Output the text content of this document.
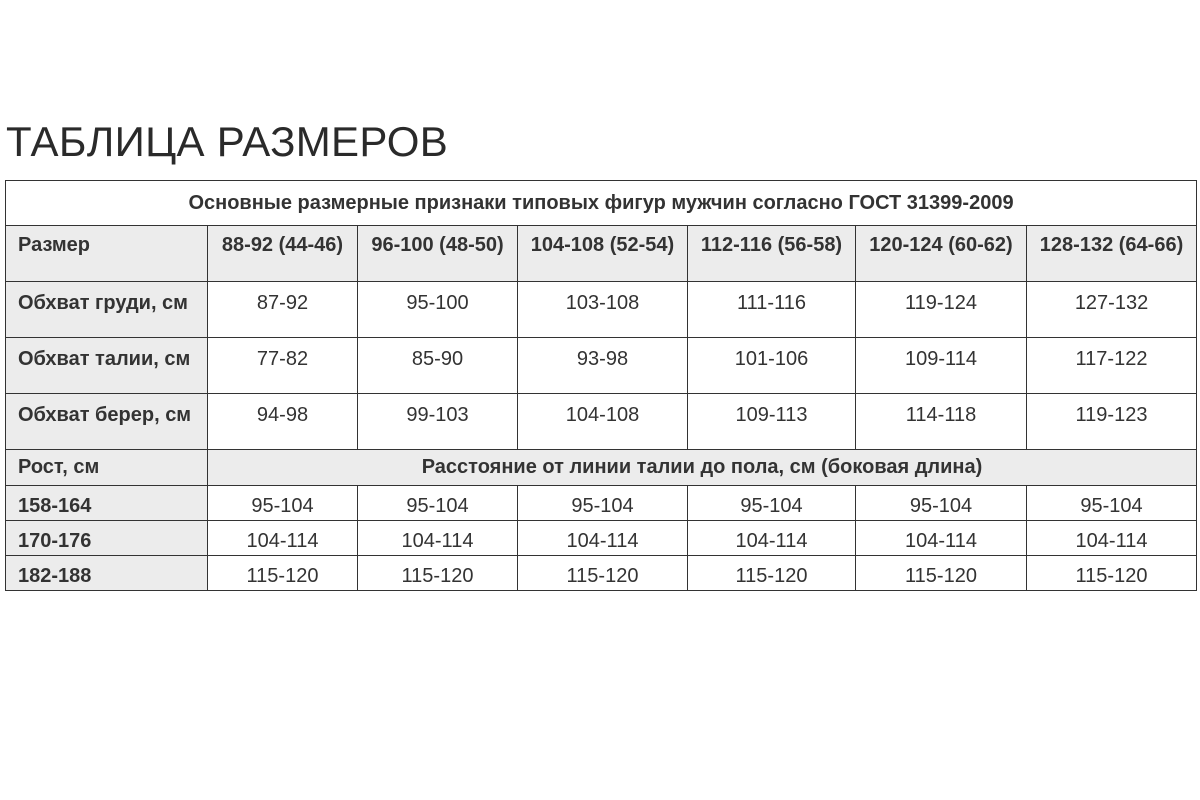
ТАБЛИЦА РАЗМЕРОВ
Основные размерные признаки типовых фигур мужчин согласно ГОСТ 31399-2009						
Размер	88-92 (44-46)	96-100 (48-50)	104-108 (52-54)	112-116 (56-58)	120-124 (60-62)	128-132 (64-66)
Обхват груди, см	87-92	95-100	103-108	111-116	119-124	127-132
Обхват талии, см	77-82	85-90	93-98	101-106	109-114	117-122
Обхват берер, см	94-98	99-103	104-108	109-113	114-118	119-123
Рост, см	Расстояние от линии талии до пола, см (боковая длина)					
158-164	95-104	95-104	95-104	95-104	95-104	95-104
170-176	104-114	104-114	104-114	104-114	104-114	104-114
182-188	115-120	115-120	115-120	115-120	115-120	115-120
